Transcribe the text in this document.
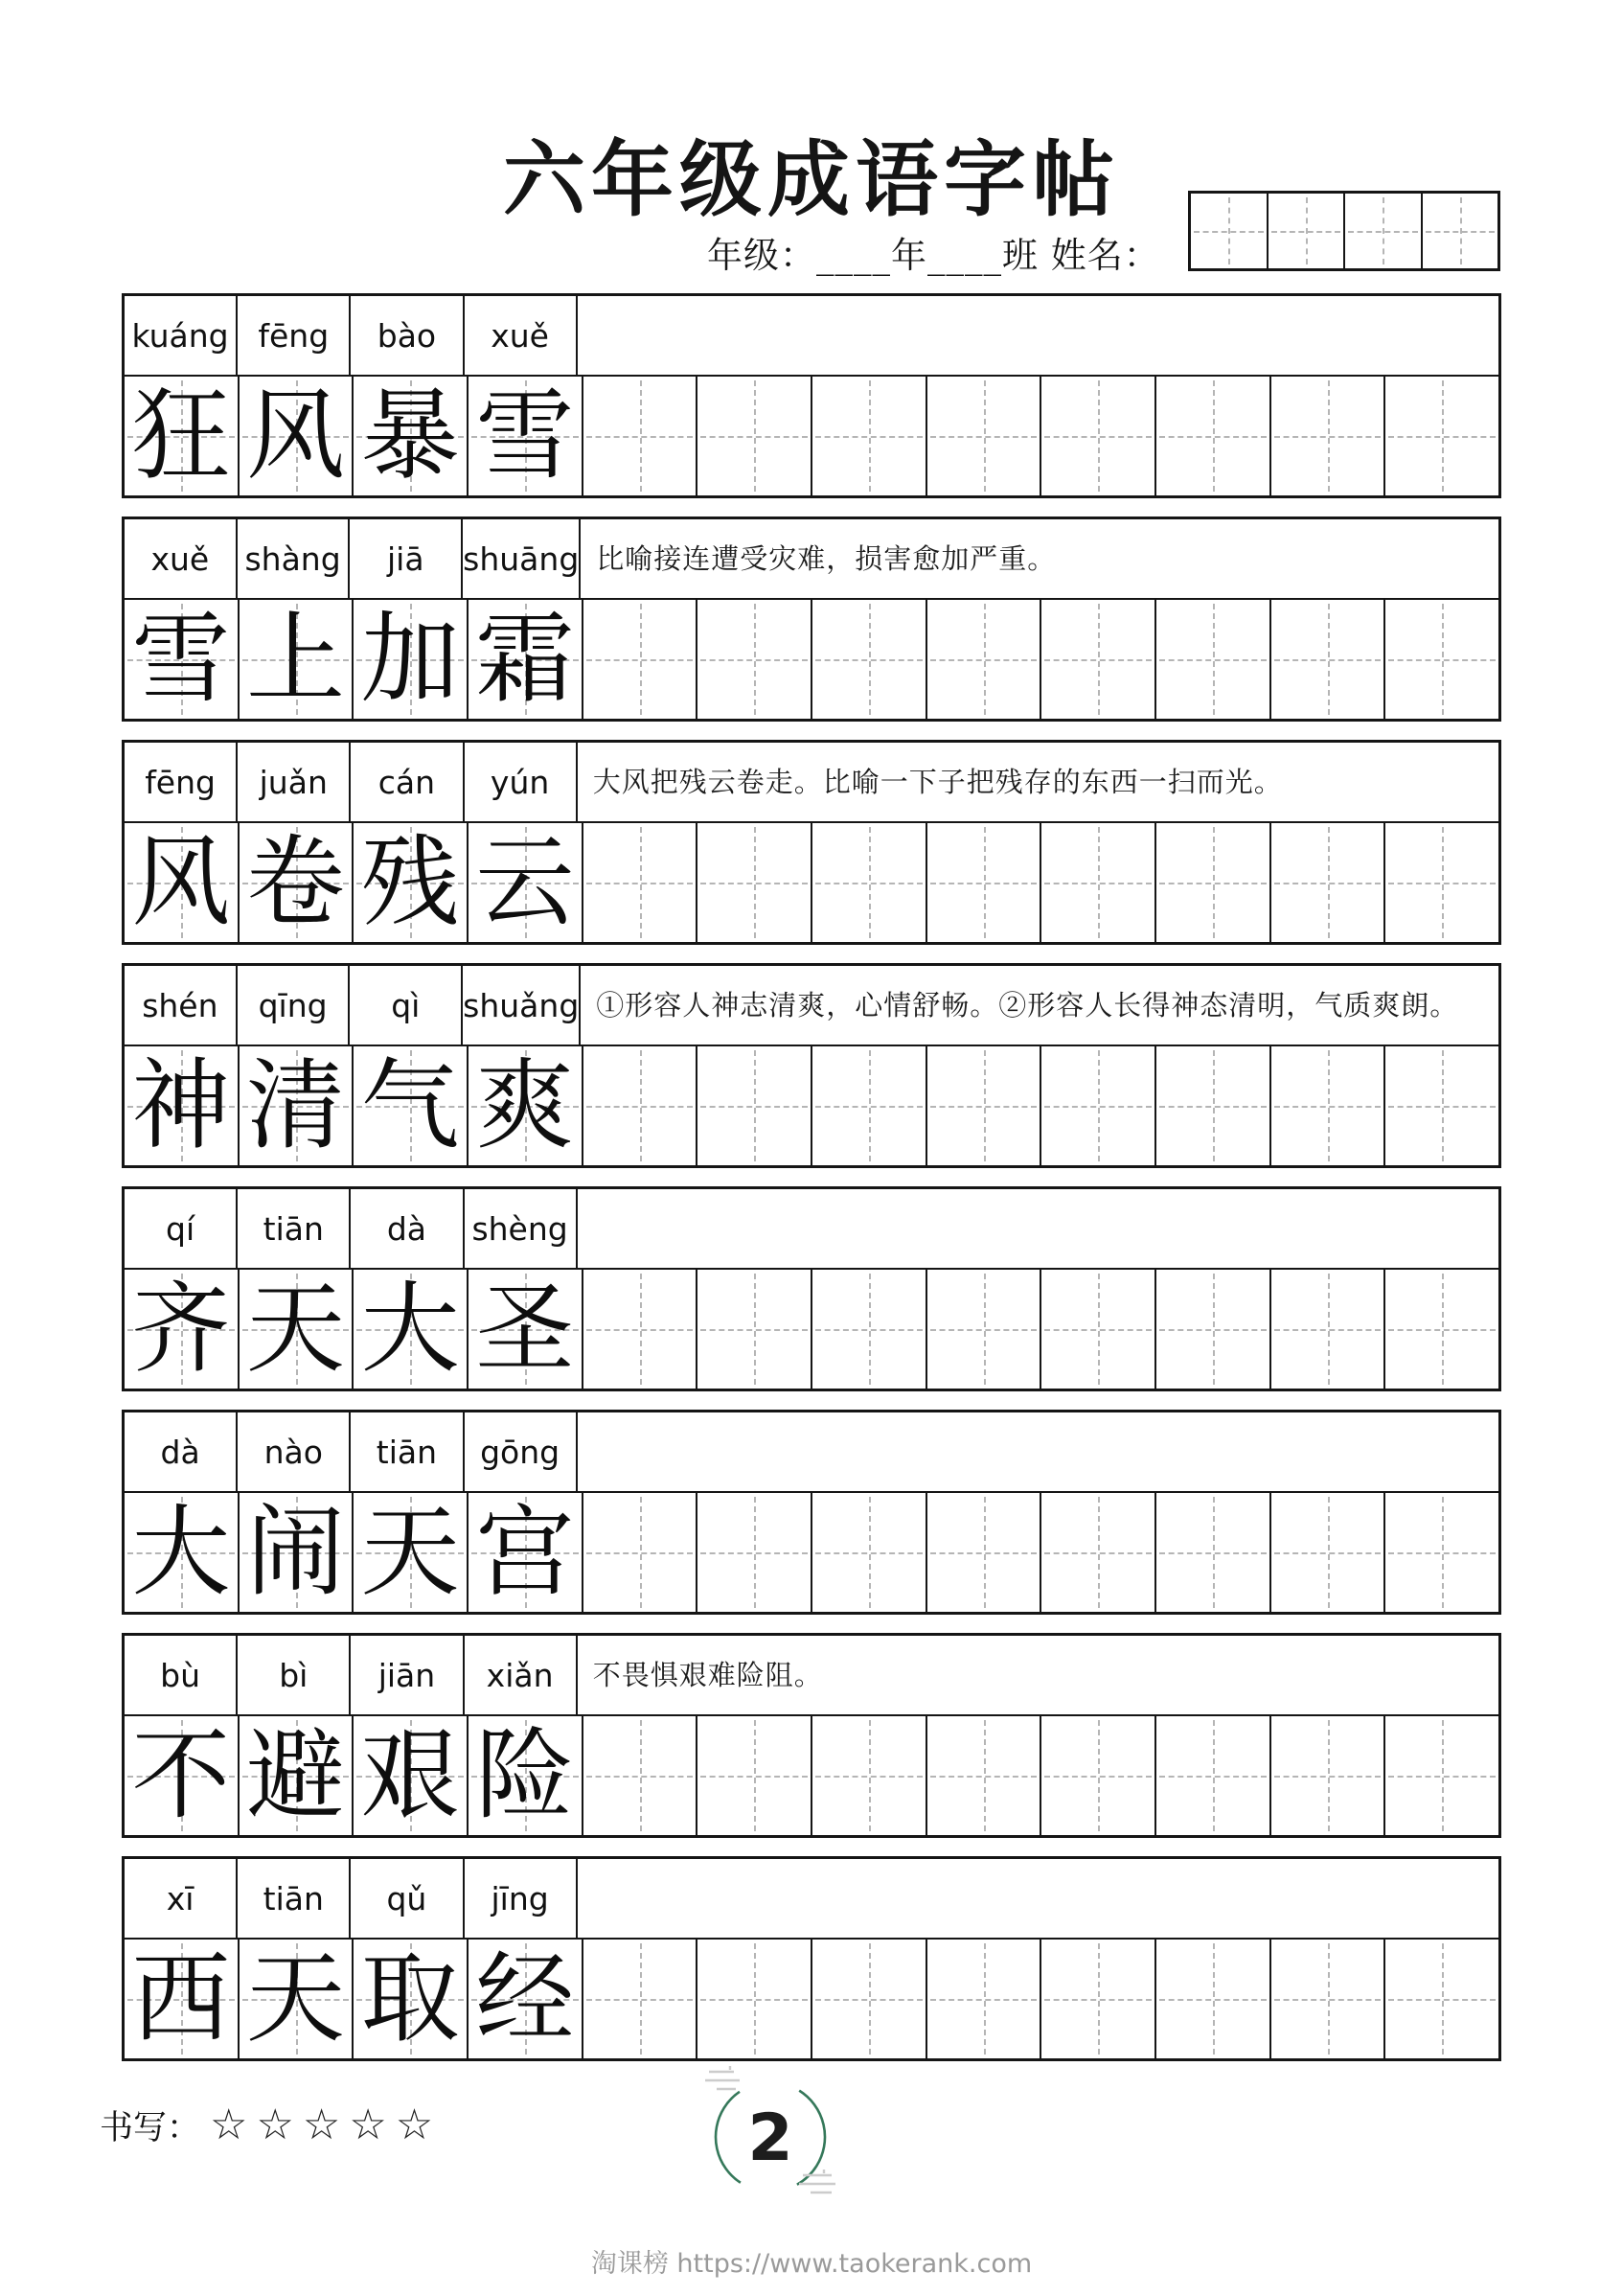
六年级成语字帖
年级：____年____班 姓名：
kuáng fēng	bào	xuě
狂 风 暴 雪
xuě	shàng	jiā	shuāng 比喻接连遭受灾难，损害愈加严重。
雪 上 加 霜
fēng	juǎn	cán	yún	大风把残云卷走。比喻一下子把残存的东西一扫而光。
风 卷 残 云
shén	qīng	qì	shuǎng ①形容人神志清爽，心情舒畅。②形容人长得神态清明，气质爽朗。
神 清 气 爽
qí	tiān	dà	shèng
齐 天 大 圣
dà	nào	tiān	gōng
大 闹 天 宫
bù	bì	jiān	xiǎn	不畏惧艰难险阻。
不 避 艰 险
xī	tiān	qǔ	jīng
西 天 取 经
书写： ☆☆☆☆☆	2
淘课榜 https://www.taokerank.com
